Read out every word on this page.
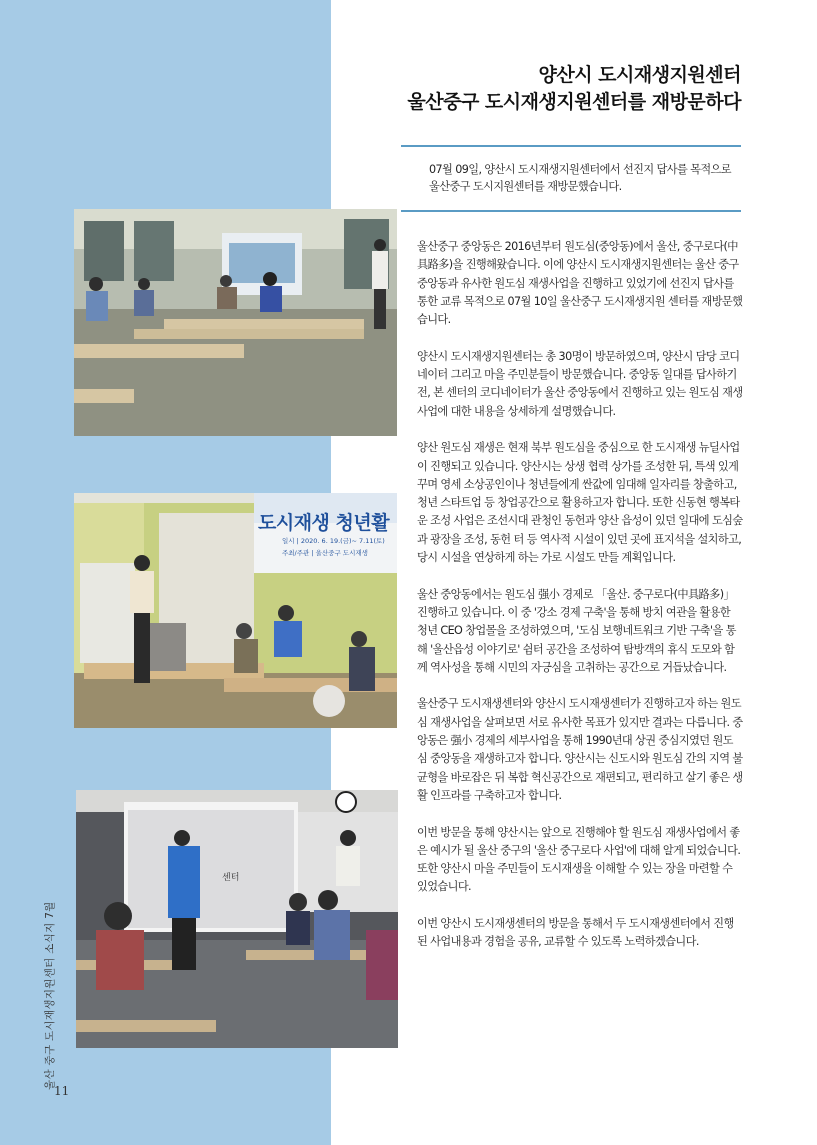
양산시 도시재생지원센터
울산중구 도시재생지원센터를 재방문하다
07월 09일, 양산시 도시재생지원센터에서 선진지 답사를 목적으로 울산중구 도시지원센터를 재방문했습니다.
도시재생 청년활
일시 | 2020. 6. 19.(금)~ 7.11(토)
주최/주관 | 울산중구 도시재생
센터

울산중구 중앙동은 2016년부터 원도심(중앙동)에서 울산, 중구로다(中具路多)을 진행해왔습니다. 이에 양산시 도시재생지원센터는 울산 중구 중앙동과 유사한 원도심 재생사업을 진행하고 있었기에 선진지 답사를 통한 교류 목적으로 07월 10일 울산중구 도시재생지원 센터를 재방문했습니다.

양산시 도시재생지원센터는 총 30명이 방문하였으며, 양산시 담당 코디네이터 그리고 마을 주민분들이 방문했습니다. 중앙동 일대를 답사하기 전, 본 센터의 코디네이터가 울산 중앙동에서 진행하고 있는 원도심 재생사업에 대한 내용을 상세하게 설명했습니다.

양산 원도심 재생은 현재 북부 원도심을 중심으로 한 도시재생 뉴딜사업이 진행되고 있습니다. 양산시는 상생 협력 상가를 조성한 뒤, 특색 있게 꾸며 영세 소상공인이나 청년들에게 싼값에 임대해 일자리를 창출하고, 청년 스타트업 등 창업공간으로 활용하고자 합니다. 또한 신동현 행복타운 조성 사업은 조선시대 관청인 동헌과 양산 읍성이 있던 일대에 도심숲과 광장을 조성, 동헌 터 등 역사적 시설이 있던 곳에 표지석을 설치하고, 당시 시설을 연상하게 하는 가로 시설도 만들 계획입니다.

울산 중앙동에서는 원도심 强小 경제로 「울산. 중구로다(中具路多)」 진행하고 있습니다. 이 중 '강소 경제 구축'을 통해 방치 여관을 활용한 청년 CEO 창업몰을 조성하였으며, '도심 보행네트워크 기반 구축'을 통해 '울산읍성 이야기로' 쉼터 공간을 조성하여 탐방객의 휴식 도모와 함께 역사성을 통해 시민의 자긍심을 고취하는 공간으로 거듭났습니다.

울산중구 도시재생센터와 양산시 도시재생센터가 진행하고자 하는 원도심 재생사업을 살펴보면 서로 유사한 목표가 있지만 결과는 다릅니다. 중앙동은 强小 경제의 세부사업을 통해 1990년대 상권 중심지였던 원도심 중앙동을 재생하고자 합니다. 양산시는 신도시와 원도심 간의 지역 불균형을 바로잡은 뒤 복합 혁신공간으로 재편되고, 편리하고 살기 좋은 생활 인프라를 구축하고자 합니다.

이번 방문을 통해 양산시는 앞으로 진행해야 할 원도심 재생사업에서 좋은 예시가 될 울산 중구의 '울산 중구로다 사업'에 대해 알게 되었습니다. 또한 양산시 마을 주민들이 도시재생을 이해할 수 있는 장을 마련할 수 있었습니다.

이번 양산시 도시재생센터의 방문을 통해서 두 도시재생센터에서 진행된 사업내용과 경험을 공유, 교류할 수 있도록 노력하겠습니다.

울산 중구 도시재생지원센터 소식지 7월
11
